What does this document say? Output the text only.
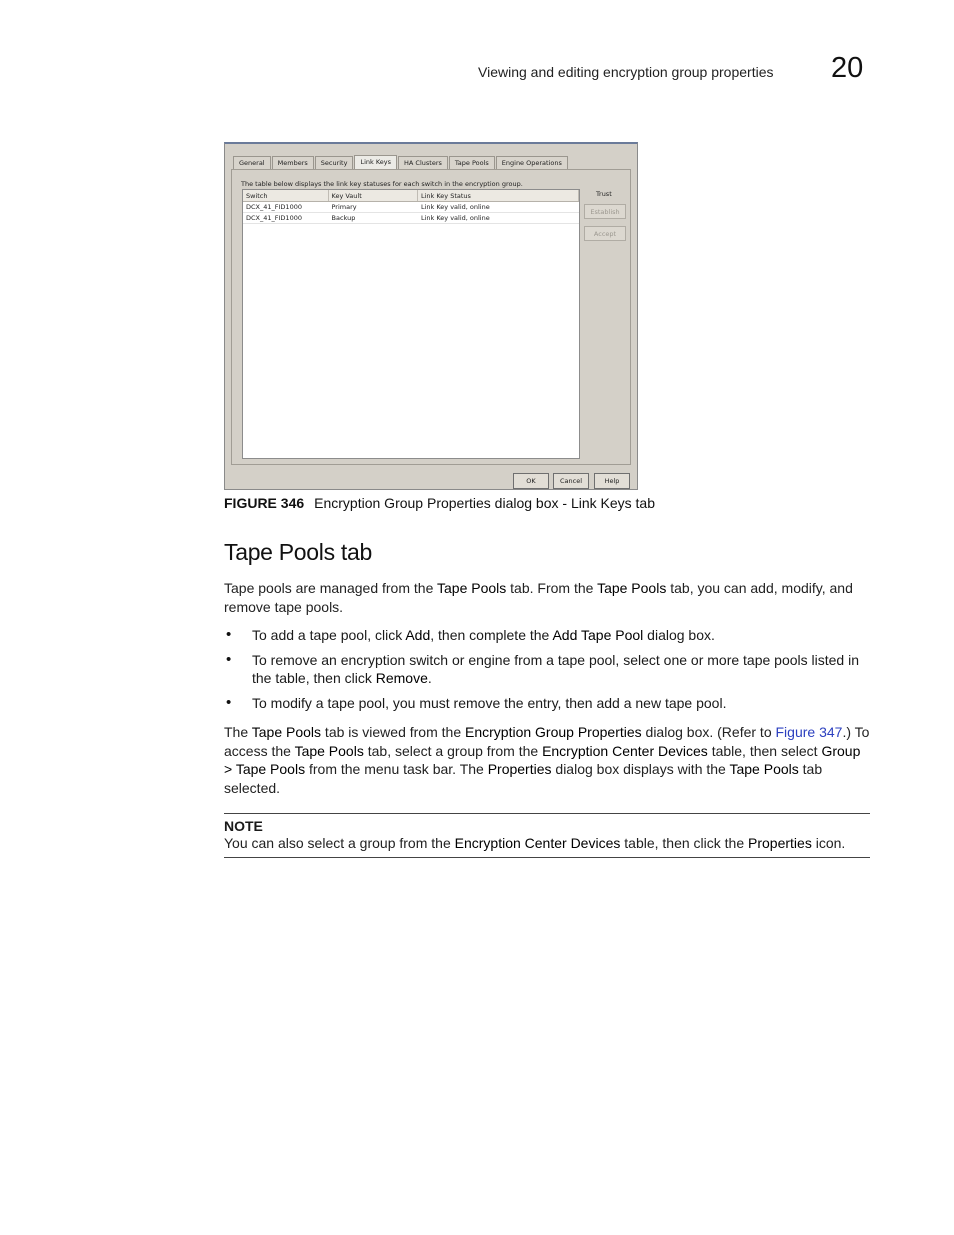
Viewing and editing encryption group properties 20
General	Members	Security	Link Keys	HA Clusters	Tape Pools	Engine Operations
The table below displays the link key statuses for each switch in the encryption group.
Switch	Key Vault	Link Key Status
DCX_41_FID1000	Primary	Link Key valid, online
DCX_41_FID1000	Backup	Link Key valid, online
Trust
Establish
Accept
OK	Cancel	Help
FIGURE 346 Encryption Group Properties dialog box - Link Keys tab
Tape Pools tab

Tape pools are managed from the Tape Pools tab. From the Tape Pools tab, you can add, modify, and remove tape pools.

• To add a tape pool, click Add, then complete the Add Tape Pool dialog box.
• To remove an encryption switch or engine from a tape pool, select one or more tape pools listed in the table, then click Remove.
• To modify a tape pool, you must remove the entry, then add a new tape pool.

The Tape Pools tab is viewed from the Encryption Group Properties dialog box. (Refer to Figure 347.) To access the Tape Pools tab, select a group from the Encryption Center Devices table, then select Group > Tape Pools from the menu task bar. The Properties dialog box displays with the Tape Pools tab selected.

NOTE
You can also select a group from the Encryption Center Devices table, then click the Properties icon.
